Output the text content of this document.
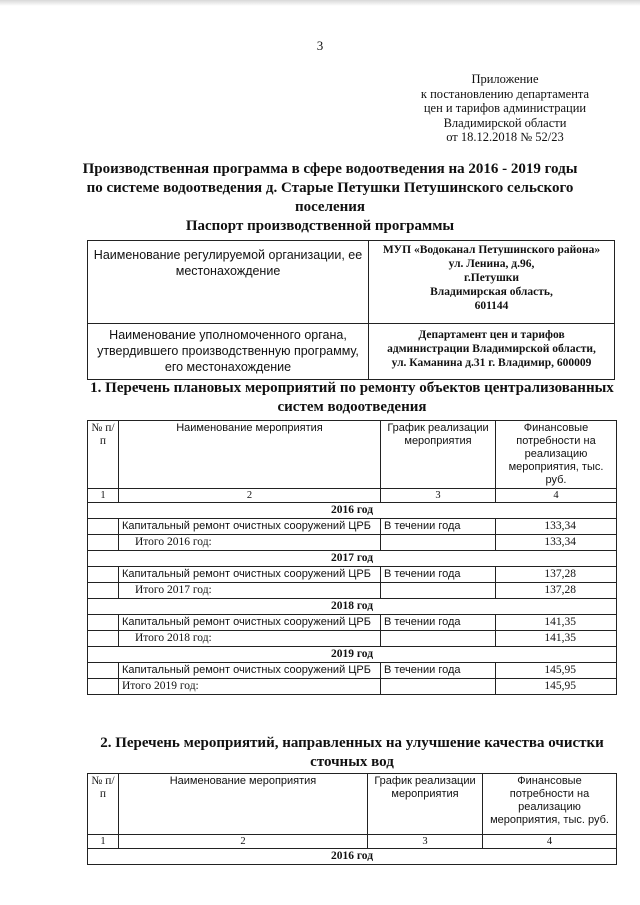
3
Приложение
к постановлению департамента
цен и тарифов администрации
Владимирской области
от 18.12.2018 № 52/23
Производственная программа в сфере водоотведения на 2016 - 2019 годы по системе водоотведения д. Старые Петушки Петушинского сельского поселения
Паспорт производственной программы
Наименование регулируемой организации, ее местонахождение	МУП «Водоканал Петушинского района»
ул. Ленина, д.96,
г.Петушки
Владимирская область,
601144

Наименование уполномоченного органа, утвердившего производственную программу, его местонахождение	Департамент цен и тарифов
администрации Владимирской области,
ул. Каманина д.31 г. Владимир, 600009
1. Перечень плановых мероприятий по ремонту объектов централизованных систем водоотведения
№ п/п	Наименование мероприятия	График реализации мероприятия	Финансовые потребности на реализацию мероприятия, тыс. руб.
1	2	3	4
2016 год			
	Капитальный ремонт очистных сооружений ЦРБ	В течении года	133,34
	Итого 2016 год:		133,34
2017 год			
	Капитальный ремонт очистных сооружений ЦРБ	В течении года	137,28
	Итого 2017 год:		137,28
2018 год			
	Капитальный ремонт очистных сооружений ЦРБ	В течении года	141,35
	Итого 2018 год:		141,35
2019 год			
	Капитальный ремонт очистных сооружений ЦРБ	В течении года	145,95
	Итого 2019 год:		145,95
2. Перечень мероприятий, направленных на улучшение качества очистки сточных вод
№ п/п	Наименование мероприятия	График реализации мероприятия	Финансовые потребности на реализацию мероприятия, тыс. руб.
1	2	3	4
2016 год			
